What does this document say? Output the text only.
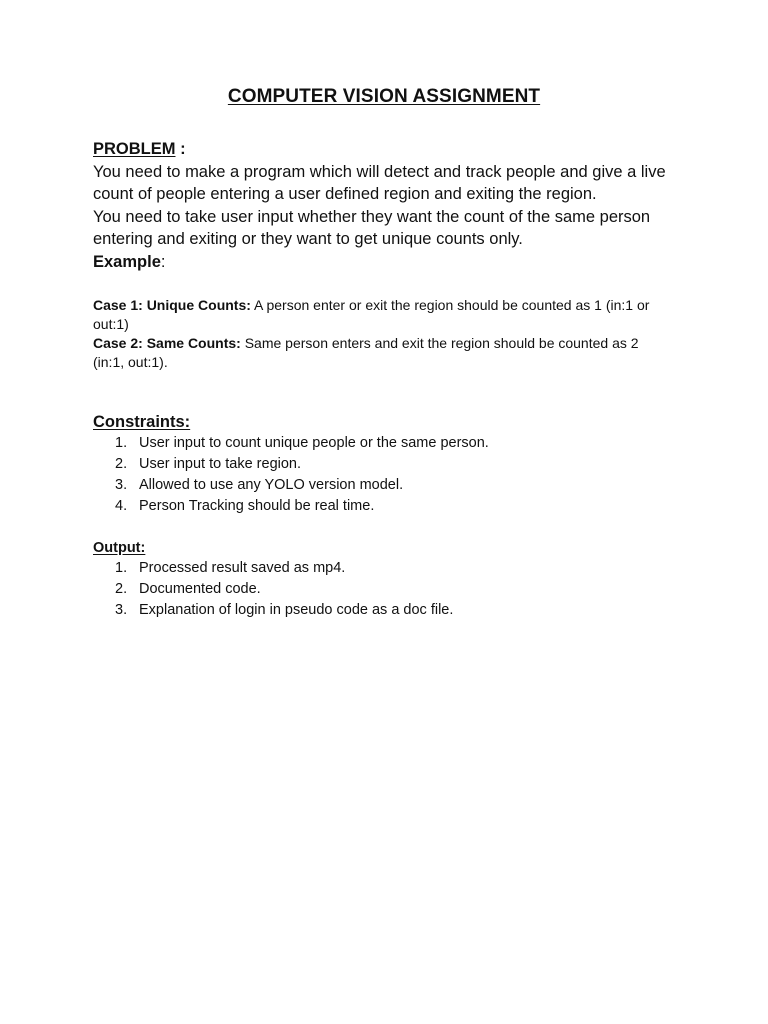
COMPUTER VISION ASSIGNMENT
PROBLEM :

You need to make a program which will detect and track people and give a live count of people entering a user defined region and exiting the region.

You need to take user input whether they want the count of the same person entering and exiting or they want to get unique counts only.

Example:

Case 1: Unique Counts: A person enter or exit the region should be counted as 1 (in:1 or out:1)

Case 2: Same Counts: Same person enters and exit the region should be counted as 2 (in:1, out:1).

Constraints:

1. User input to count unique people or the same person.
2. User input to take region.
3. Allowed to use any YOLO version model.
4. Person Tracking should be real time.

Output:

1. Processed result saved as mp4.
2. Documented code.
3. Explanation of login in pseudo code as a doc file.
